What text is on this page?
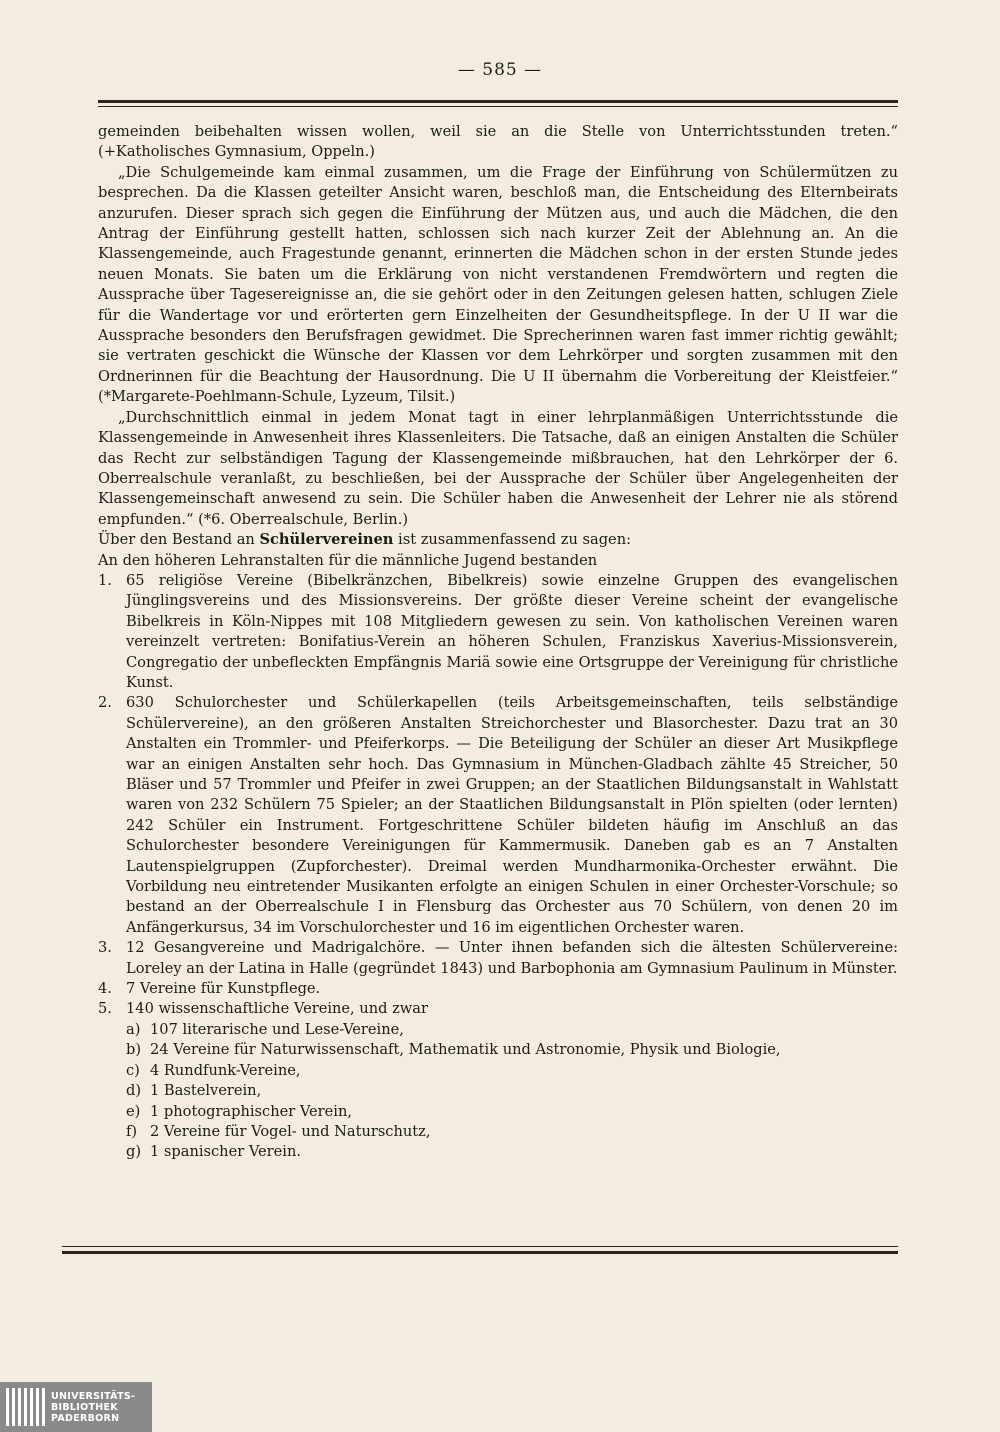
— 585 —

gemeinden beibehalten wissen wollen, weil sie an die Stelle von Unterrichtsstunden treten.“ (+Katholisches Gymnasium, Oppeln.)

„Die Schulgemeinde kam einmal zusammen, um die Frage der Einführung von Schülermützen zu besprechen. Da die Klassen geteilter Ansicht waren, beschloß man, die Entscheidung des Elternbeirats anzurufen. Dieser sprach sich gegen die Einführung der Mützen aus, und auch die Mädchen, die den Antrag der Einführung gestellt hatten, schlossen sich nach kurzer Zeit der Ablehnung an. An die Klassengemeinde, auch Fragestunde genannt, erinnerten die Mädchen schon in der ersten Stunde jedes neuen Monats. Sie baten um die Erklärung von nicht verstandenen Fremdwörtern und regten die Aussprache über Tagesereignisse an, die sie gehört oder in den Zeitungen gelesen hatten, schlugen Ziele für die Wandertage vor und erörterten gern Einzelheiten der Gesundheitspflege. In der U II war die Aussprache besonders den Berufsfragen gewidmet. Die Sprecherinnen waren fast immer richtig gewählt; sie vertraten geschickt die Wünsche der Klassen vor dem Lehrkörper und sorgten zusammen mit den Ordnerinnen für die Beachtung der Hausordnung. Die U II übernahm die Vorbereitung der Kleistfeier.“ (*Margarete-Poehlmann-Schule, Lyzeum, Tilsit.)

„Durchschnittlich einmal in jedem Monat tagt in einer lehrplanmäßigen Unterrichtsstunde die Klassengemeinde in Anwesenheit ihres Klassenleiters. Die Tatsache, daß an einigen Anstalten die Schüler das Recht zur selbständigen Tagung der Klassengemeinde mißbrauchen, hat den Lehrkörper der 6. Oberrealschule veranlaßt, zu beschließen, bei der Aussprache der Schüler über Angelegenheiten der Klassengemeinschaft anwesend zu sein. Die Schüler haben die Anwesenheit der Lehrer nie als störend empfunden.“ (*6. Oberrealschule, Berlin.)

Über den Bestand an Schülervereinen ist zusammenfassend zu sagen:

An den höheren Lehranstalten für die männliche Jugend bestanden

1. 65 religiöse Vereine (Bibelkränzchen, Bibelkreis) sowie einzelne Gruppen des evangelischen Jünglingsvereins und des Missionsvereins. Der größte dieser Vereine scheint der evangelische Bibelkreis in Köln-Nippes mit 108 Mitgliedern gewesen zu sein. Von katholischen Vereinen waren vereinzelt vertreten: Bonifatius-Verein an höheren Schulen, Franziskus Xaverius-Missionsverein, Congregatio der unbefleckten Empfängnis Mariä sowie eine Ortsgruppe der Vereinigung für christliche Kunst.
2. 630 Schulorchester und Schülerkapellen (teils Arbeitsgemeinschaften, teils selbständige Schülervereine), an den größeren Anstalten Streichorchester und Blasorchester. Dazu trat an 30 Anstalten ein Trommler- und Pfeiferkorps. — Die Beteiligung der Schüler an dieser Art Musikpflege war an einigen Anstalten sehr hoch. Das Gymnasium in München-Gladbach zählte 45 Streicher, 50 Bläser und 57 Trommler und Pfeifer in zwei Gruppen; an der Staatlichen Bildungsanstalt in Wahlstatt waren von 232 Schülern 75 Spieler; an der Staatlichen Bildungsanstalt in Plön spielten (oder lernten) 242 Schüler ein Instrument. Fortgeschrittene Schüler bildeten häufig im Anschluß an das Schulorchester besondere Vereinigungen für Kammermusik. Daneben gab es an 7 Anstalten Lautenspielgruppen (Zupforchester). Dreimal werden Mundharmonika-Orchester erwähnt. Die Vorbildung neu eintretender Musikanten erfolgte an einigen Schulen in einer Orchester-Vorschule; so bestand an der Oberrealschule I in Flensburg das Orchester aus 70 Schülern, von denen 20 im Anfängerkursus, 34 im Vorschulorchester und 16 im eigentlichen Orchester waren.
3. 12 Gesangvereine und Madrigalchöre. — Unter ihnen befanden sich die ältesten Schülervereine: Loreley an der Latina in Halle (gegründet 1843) und Barbophonia am Gymnasium Paulinum in Münster.
4. 7 Vereine für Kunstpflege.
5. 140 wissenschaftliche Vereine, und zwar
a) 107 literarische und Lese-Vereine,
b) 24 Vereine für Naturwissenschaft, Mathematik und Astronomie, Physik und Biologie,
c) 4 Rundfunk-Vereine,
d) 1 Bastelverein,
e) 1 photographischer Verein,
f) 2 Vereine für Vogel- und Naturschutz,
g) 1 spanischer Verein.
UNIVERSITÄTS-
BIBLIOTHEK
PADERBORN
